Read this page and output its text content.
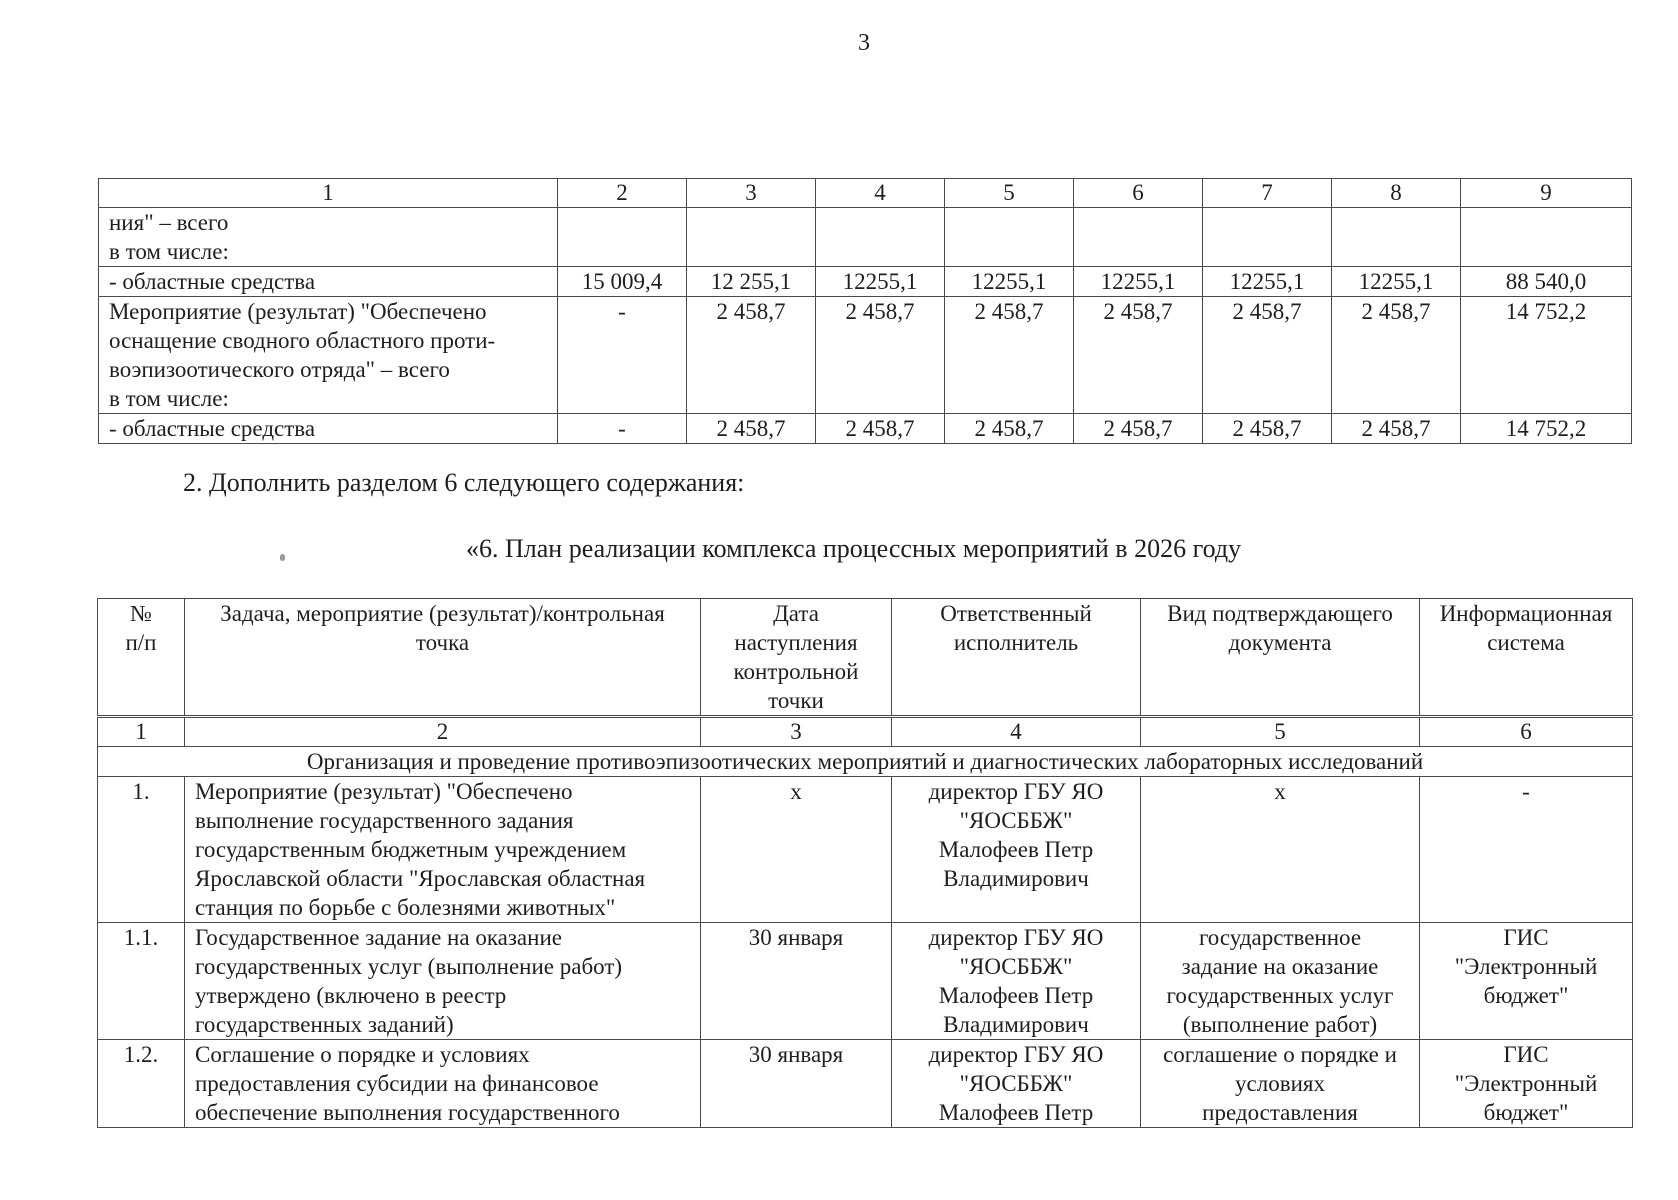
3
1	2	3	4	5	6	7	8	9

ния" – всего
в том числе:								

- областные средства	15 009,4	12 255,1	12255,1	12255,1	12255,1	12255,1	12255,1	88 540,0

Мероприятие (результат) "Обеспечено
оснащение сводного областного проти-
воэпизоотического отряда" – всего
в том числе:	-	2 458,7	2 458,7	2 458,7	2 458,7	2 458,7	2 458,7	14 752,2

- областные средства	-	2 458,7	2 458,7	2 458,7	2 458,7	2 458,7	2 458,7	14 752,2
2. Дополнить разделом 6 следующего содержания:
«6. План реализации комплекса процессных мероприятий в 2026 году
№
п/п	Задача, мероприятие (результат)/контрольная
точка	Дата
наступления
контрольной
точки	Ответственный
исполнитель	Вид подтверждающего
документа	Информационная
система

1	2	3	4	5	6
Организация и проведение противоэпизоотических мероприятий и диагностических лабораторных исследований					
1.	Мероприятие (результат) "Обеспечено
выполнение государственного задания
государственным бюджетным учреждением
Ярославской области "Ярославская областная
станция по борьбе с болезнями животных"	х	директор ГБУ ЯО
"ЯОСББЖ"
Малофеев Петр
Владимирович	х	-

1.1.	Государственное задание на оказание
государственных услуг (выполнение работ)
утверждено (включено в реестр
государственных заданий)	30 января	директор ГБУ ЯО
"ЯОСББЖ"
Малофеев Петр
Владимирович	государственное
задание на оказание
государственных услуг
(выполнение работ)	ГИС
"Электронный
бюджет"

1.2.	Соглашение о порядке и условиях
предоставления субсидии на финансовое
обеспечение выполнения государственного	30 января	директор ГБУ ЯО
"ЯОСББЖ"
Малофеев Петр	соглашение о порядке и
условиях
предоставления	ГИС
"Электронный
бюджет"
